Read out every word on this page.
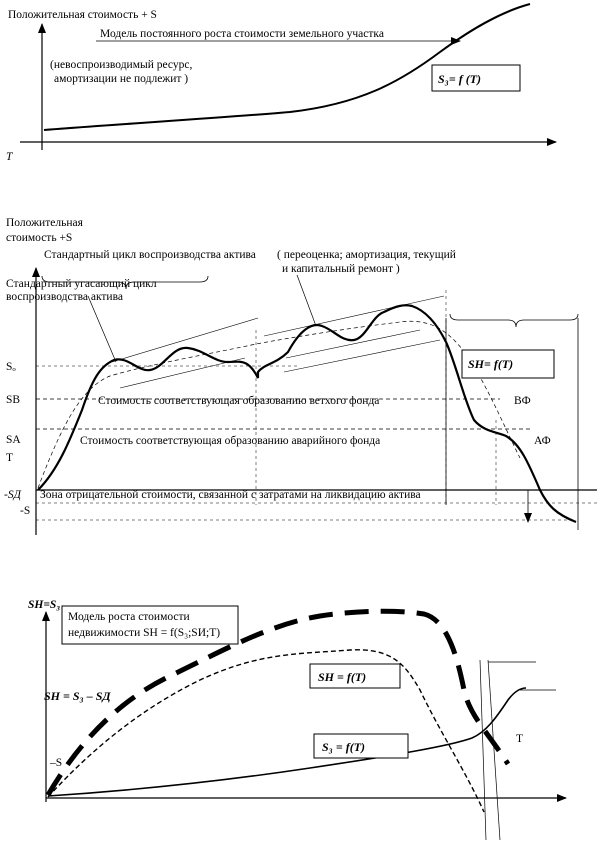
Положительная стоимость + S
T
Модель постоянного роста стоимости земельного участка
(невоспроизводимый ресурс,
амортизации не подлежит )	S₃= f (T)
Положительная
стоимость +S
Стандартный цикл воспроизводства актива ( переоценка; амортизация, текущий
и капитальный ремонт )
Стандартный угасающий цикл
воспроизводства актива
Sₒ
SΒ
SΑ
T
-SД
-S
Стоимость соответствующая образованию ветхого фонда
Стоимость соответствующая образованию аварийного фонда
Зона отрицательной стоимости, связанной с затратами на ликвидацию актива
ВФ
АФ
SН= f(T)
SН=S₃
Модель роста стоимости
недвижимости SН = f(S₃;SИ;T)
SН = S₃ – SД
–S
T
SН = f(T)
S₃ = f(T)
